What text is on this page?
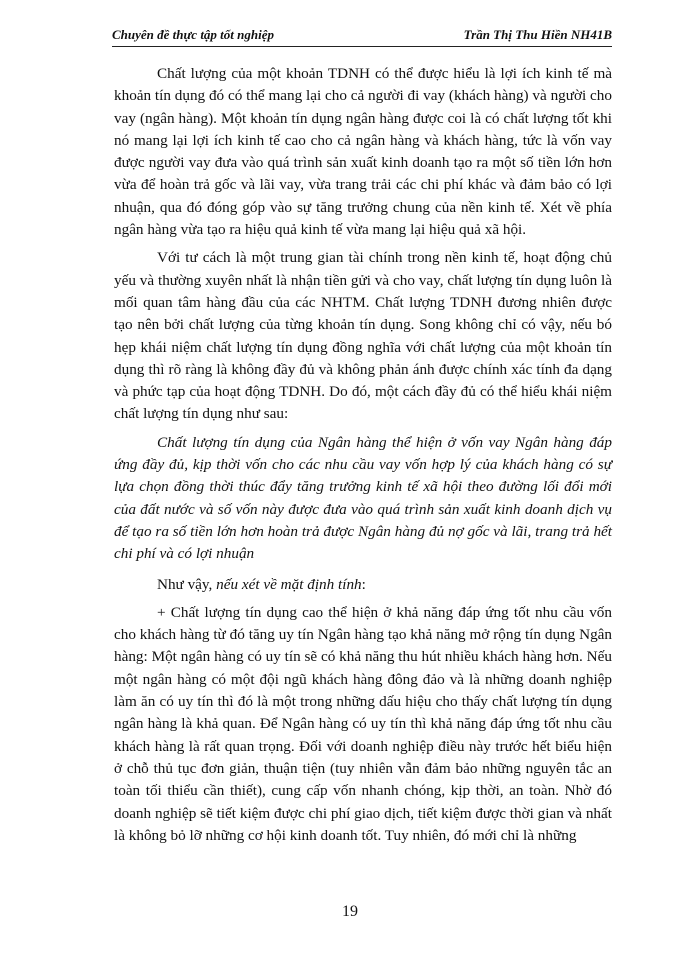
Chuyên đề thực tập tốt nghiệp	Trần Thị Thu Hiền NH41B

Chất lượng của một khoản TDNH có thể được hiểu là lợi ích kinh tế mà khoản tín dụng đó có thể mang lại cho cả người đi vay (khách hàng) và người cho vay (ngân hàng). Một khoản tín dụng ngân hàng được coi là có chất lượng tốt khi nó mang lại lợi ích kinh tế cao cho cả ngân hàng và khách hàng, tức là vốn vay được người vay đưa vào quá trình sản xuất kinh doanh tạo ra một số tiền lớn hơn vừa để hoàn trả gốc và lãi vay, vừa trang trải các chi phí khác và đảm bảo có lợi nhuận, qua đó đóng góp vào sự tăng trưởng chung của nền kinh tế. Xét về phía ngân hàng vừa tạo ra hiệu quả kinh tế vừa mang lại hiệu quả xã hội.

Với tư cách là một trung gian tài chính trong nền kinh tế, hoạt động chủ yếu và thường xuyên nhất là nhận tiền gửi và cho vay, chất lượng tín dụng luôn là mối quan tâm hàng đầu của các NHTM. Chất lượng TDNH đương nhiên được tạo nên bởi chất lượng của từng khoản tín dụng. Song không chỉ có vậy, nếu bó hẹp khái niệm chất lượng tín dụng đồng nghĩa với chất lượng của một khoản tín dụng thì rõ ràng là không đầy đủ và không phản ánh được chính xác tính đa dạng và phức tạp của hoạt động TDNH. Do đó, một cách đầy đủ có thể hiểu khái niệm chất lượng tín dụng như sau:

Chất lượng tín dụng của Ngân hàng thể hiện ở vốn vay Ngân hàng đáp ứng đầy đủ, kịp thời vốn cho các nhu cầu vay vốn hợp lý của khách hàng có sự lựa chọn đồng thời thúc đẩy tăng trưởng kinh tế xã hội theo đường lối đổi mới của đất nước và số vốn này được đưa vào quá trình sản xuất kinh doanh dịch vụ để tạo ra số tiền lớn hơn hoàn trả được Ngân hàng đủ nợ gốc và lãi, trang trả hết chi phí và có lợi nhuận

Như vậy, nếu xét về mặt định tính:

+ Chất lượng tín dụng cao thể hiện ở khả năng đáp ứng tốt nhu cầu vốn cho khách hàng từ đó tăng uy tín Ngân hàng tạo khả năng mở rộng tín dụng Ngân hàng: Một ngân hàng có uy tín sẽ có khả năng thu hút nhiều khách hàng hơn. Nếu một ngân hàng có một đội ngũ khách hàng đông đảo và là những doanh nghiệp làm ăn có uy tín thì đó là một trong những dấu hiệu cho thấy chất lượng tín dụng ngân hàng là khả quan. Để Ngân hàng có uy tín thì khả năng đáp ứng tốt nhu cầu khách hàng là rất quan trọng. Đối với doanh nghiệp điều này trước hết biểu hiện ở chỗ thủ tục đơn giản, thuận tiện (tuy nhiên vẫn đảm bảo những nguyên tắc an toàn tối thiểu cần thiết), cung cấp vốn nhanh chóng, kịp thời, an toàn. Nhờ đó doanh nghiệp sẽ tiết kiệm được chi phí giao dịch, tiết kiệm được thời gian và nhất là không bỏ lỡ những cơ hội kinh doanh tốt. Tuy nhiên, đó mới chỉ là những

19
